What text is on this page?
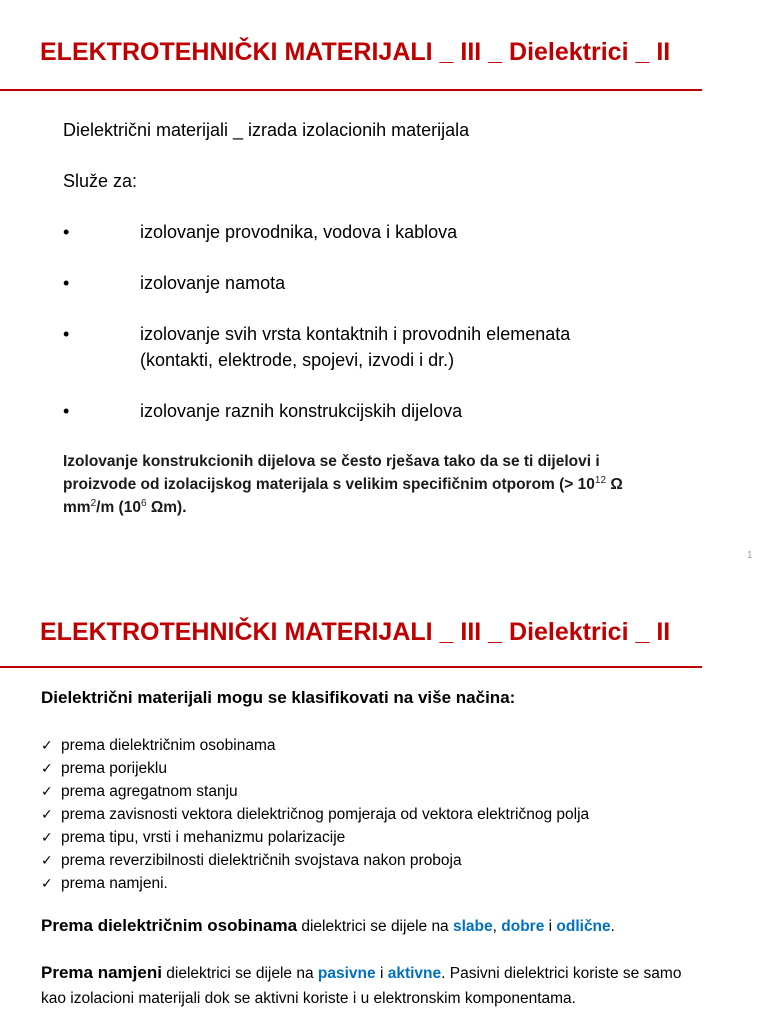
ELEKTROTEHNIČKI MATERIJALI _ III _ Dielektrici _ II

Dielektrični materijali _ izrada izolacionih materijala

Služe za:

•	izolovanje provodnika, vodova i kablova

•	izolovanje namota

•	izolovanje svih vrsta kontaktnih i provodnih elemenata

(kontakti, elektrode, spojevi, izvodi i dr.)

•	izolovanje raznih konstrukcijskih dijelova

Izolovanje konstrukcionih dijelova se često rješava tako da se ti dijelovi i proizvode od izolacijskog materijala s velikim specifičnim otporom (> $10^{12}$ Ω $mm^2/m$ ($10^6$ Ωm).

1
ELEKTROTEHNIČKI MATERIJALI _ III _ Dielektrici _ II

Dielektrični materijali mogu se klasifikovati na više načina:

✓ prema dielektričnim osobinama
✓ prema porijeklu
✓ prema agregatnom stanju
✓ prema zavisnosti vektora dielektričnog pomjeraja od vektora električnog polja
✓ prema tipu, vrsti i mehanizmu polarizacije
✓ prema reverzibilnosti dielektričnih svojstava nakon proboja
✓ prema namjeni.

Prema dielektričnim osobinama dielektrici se dijele na slabe, dobre i odlične.

Prema namjeni dielektrici se dijele na pasivne i aktivne. Pasivni dielektrici koriste se samo kao izolacioni materijali dok se aktivni koriste i u elektronskim komponentama.
